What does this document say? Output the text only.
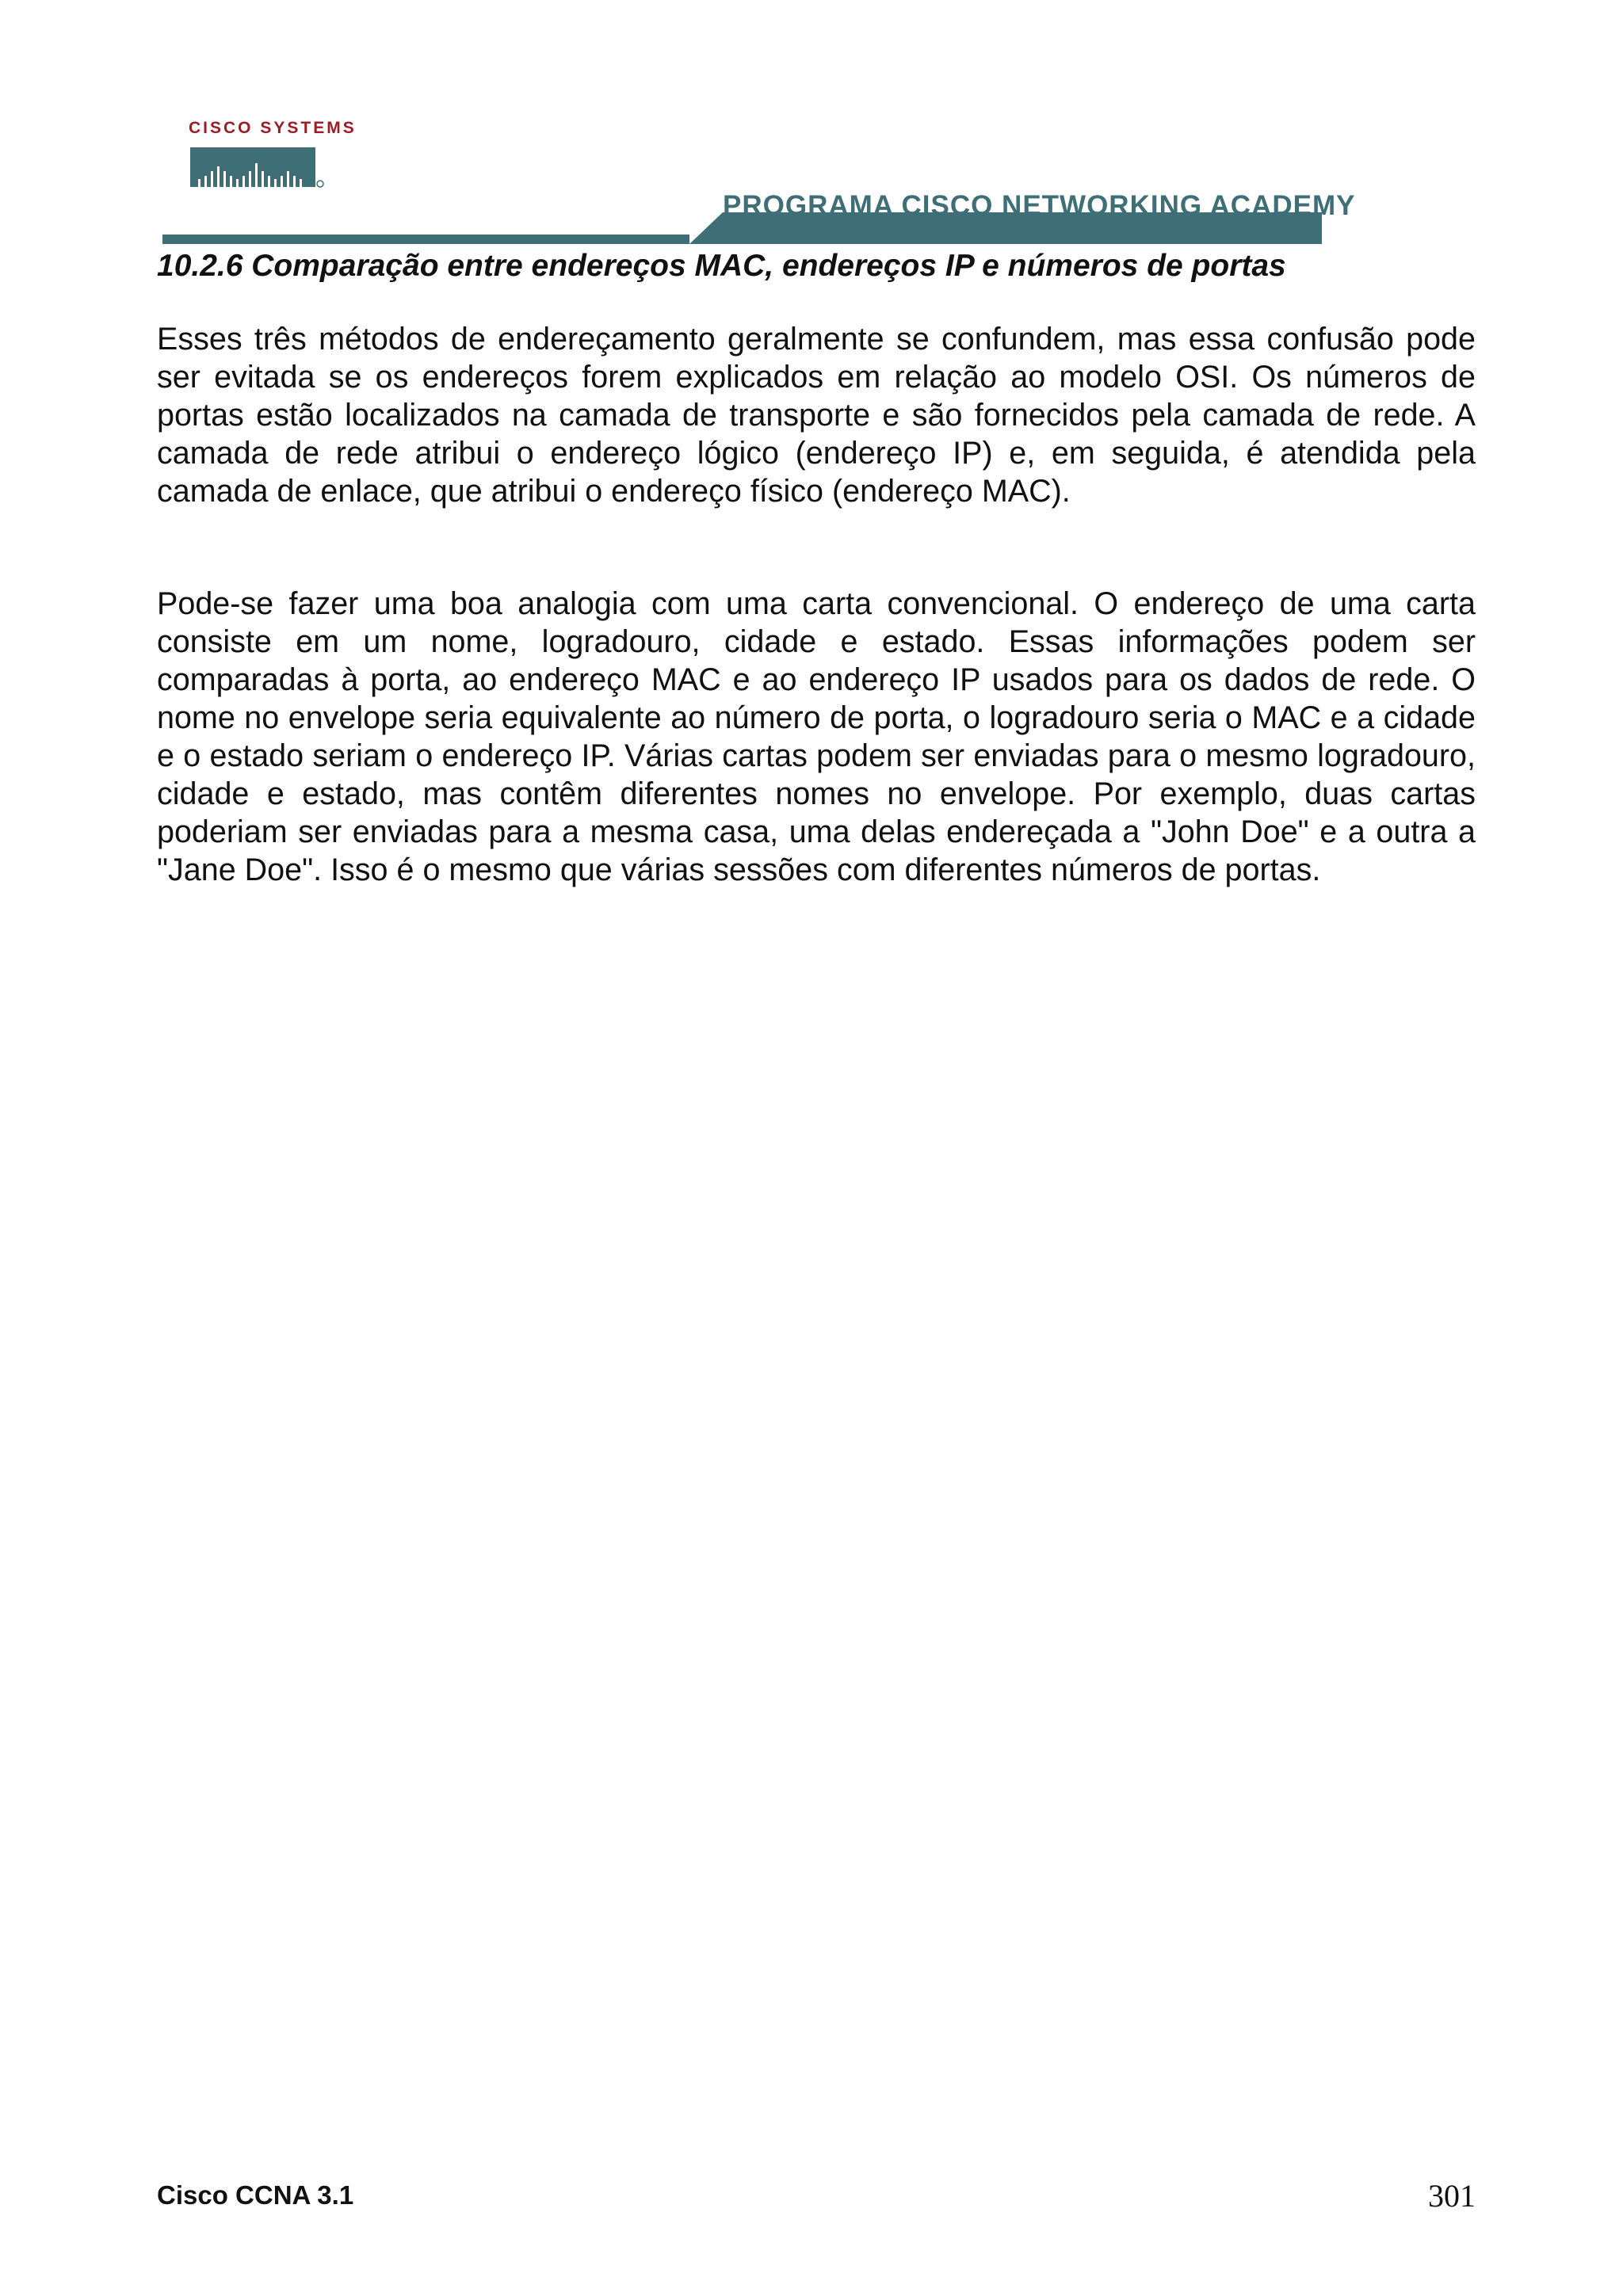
PROGRAMA CISCO NETWORKING ACADEMY
CISCO SYSTEMS
10.2.6 Comparação entre endereços MAC, endereços IP e números de portas

Esses três métodos de endereçamento geralmente se confundem, mas essa confusão pode ser evitada se os endereços forem explicados em relação ao modelo OSI. Os números de portas estão localizados na camada de transporte e são fornecidos pela camada de rede. A camada de rede atribui o endereço lógico (endereço IP) e, em seguida, é atendida pela camada de enlace, que atribui o endereço físico (endereço MAC).

Pode-se fazer uma boa analogia com uma carta convencional. O endereço de uma carta consiste em um nome, logradouro, cidade e estado. Essas informações podem ser comparadas à porta, ao endereço MAC e ao endereço IP usados para os dados de rede. O nome no envelope seria equivalente ao número de porta, o logradouro seria o MAC e a cidade e o estado seriam o endereço IP. Várias cartas podem ser enviadas para o mesmo logradouro, cidade e estado, mas contêm diferentes nomes no envelope. Por exemplo, duas cartas poderiam ser enviadas para a mesma casa, uma delas endereçada a "John Doe" e a outra a "Jane Doe". Isso é o mesmo que várias sessões com diferentes números de portas.

Cisco CCNA 3.1	301
